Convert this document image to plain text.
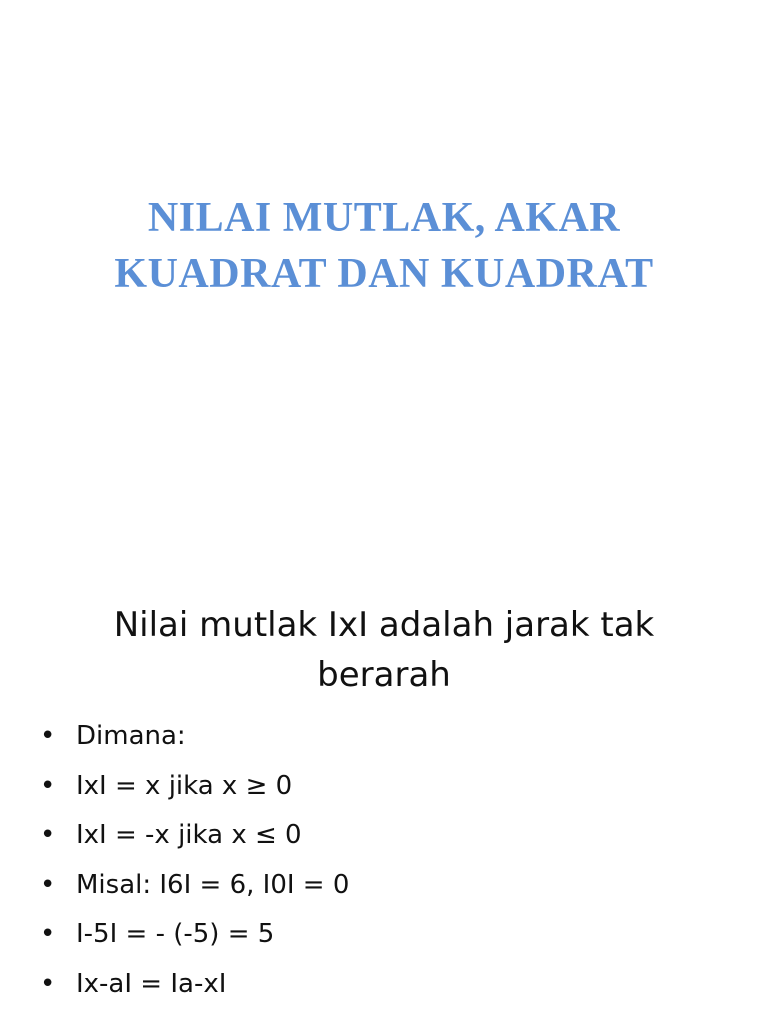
NILAI MUTLAK, AKAR
KUADRAT DAN KUADRAT
Nilai mutlak IxI adalah jarak tak
berarah
• Dimana:
• IxI = x jika x ≥ 0
• IxI = -x jika x ≤ 0
• Misal: I6I = 6, I0I = 0
• I-5I = - (-5) = 5
• Ix-aI = Ia-xI
